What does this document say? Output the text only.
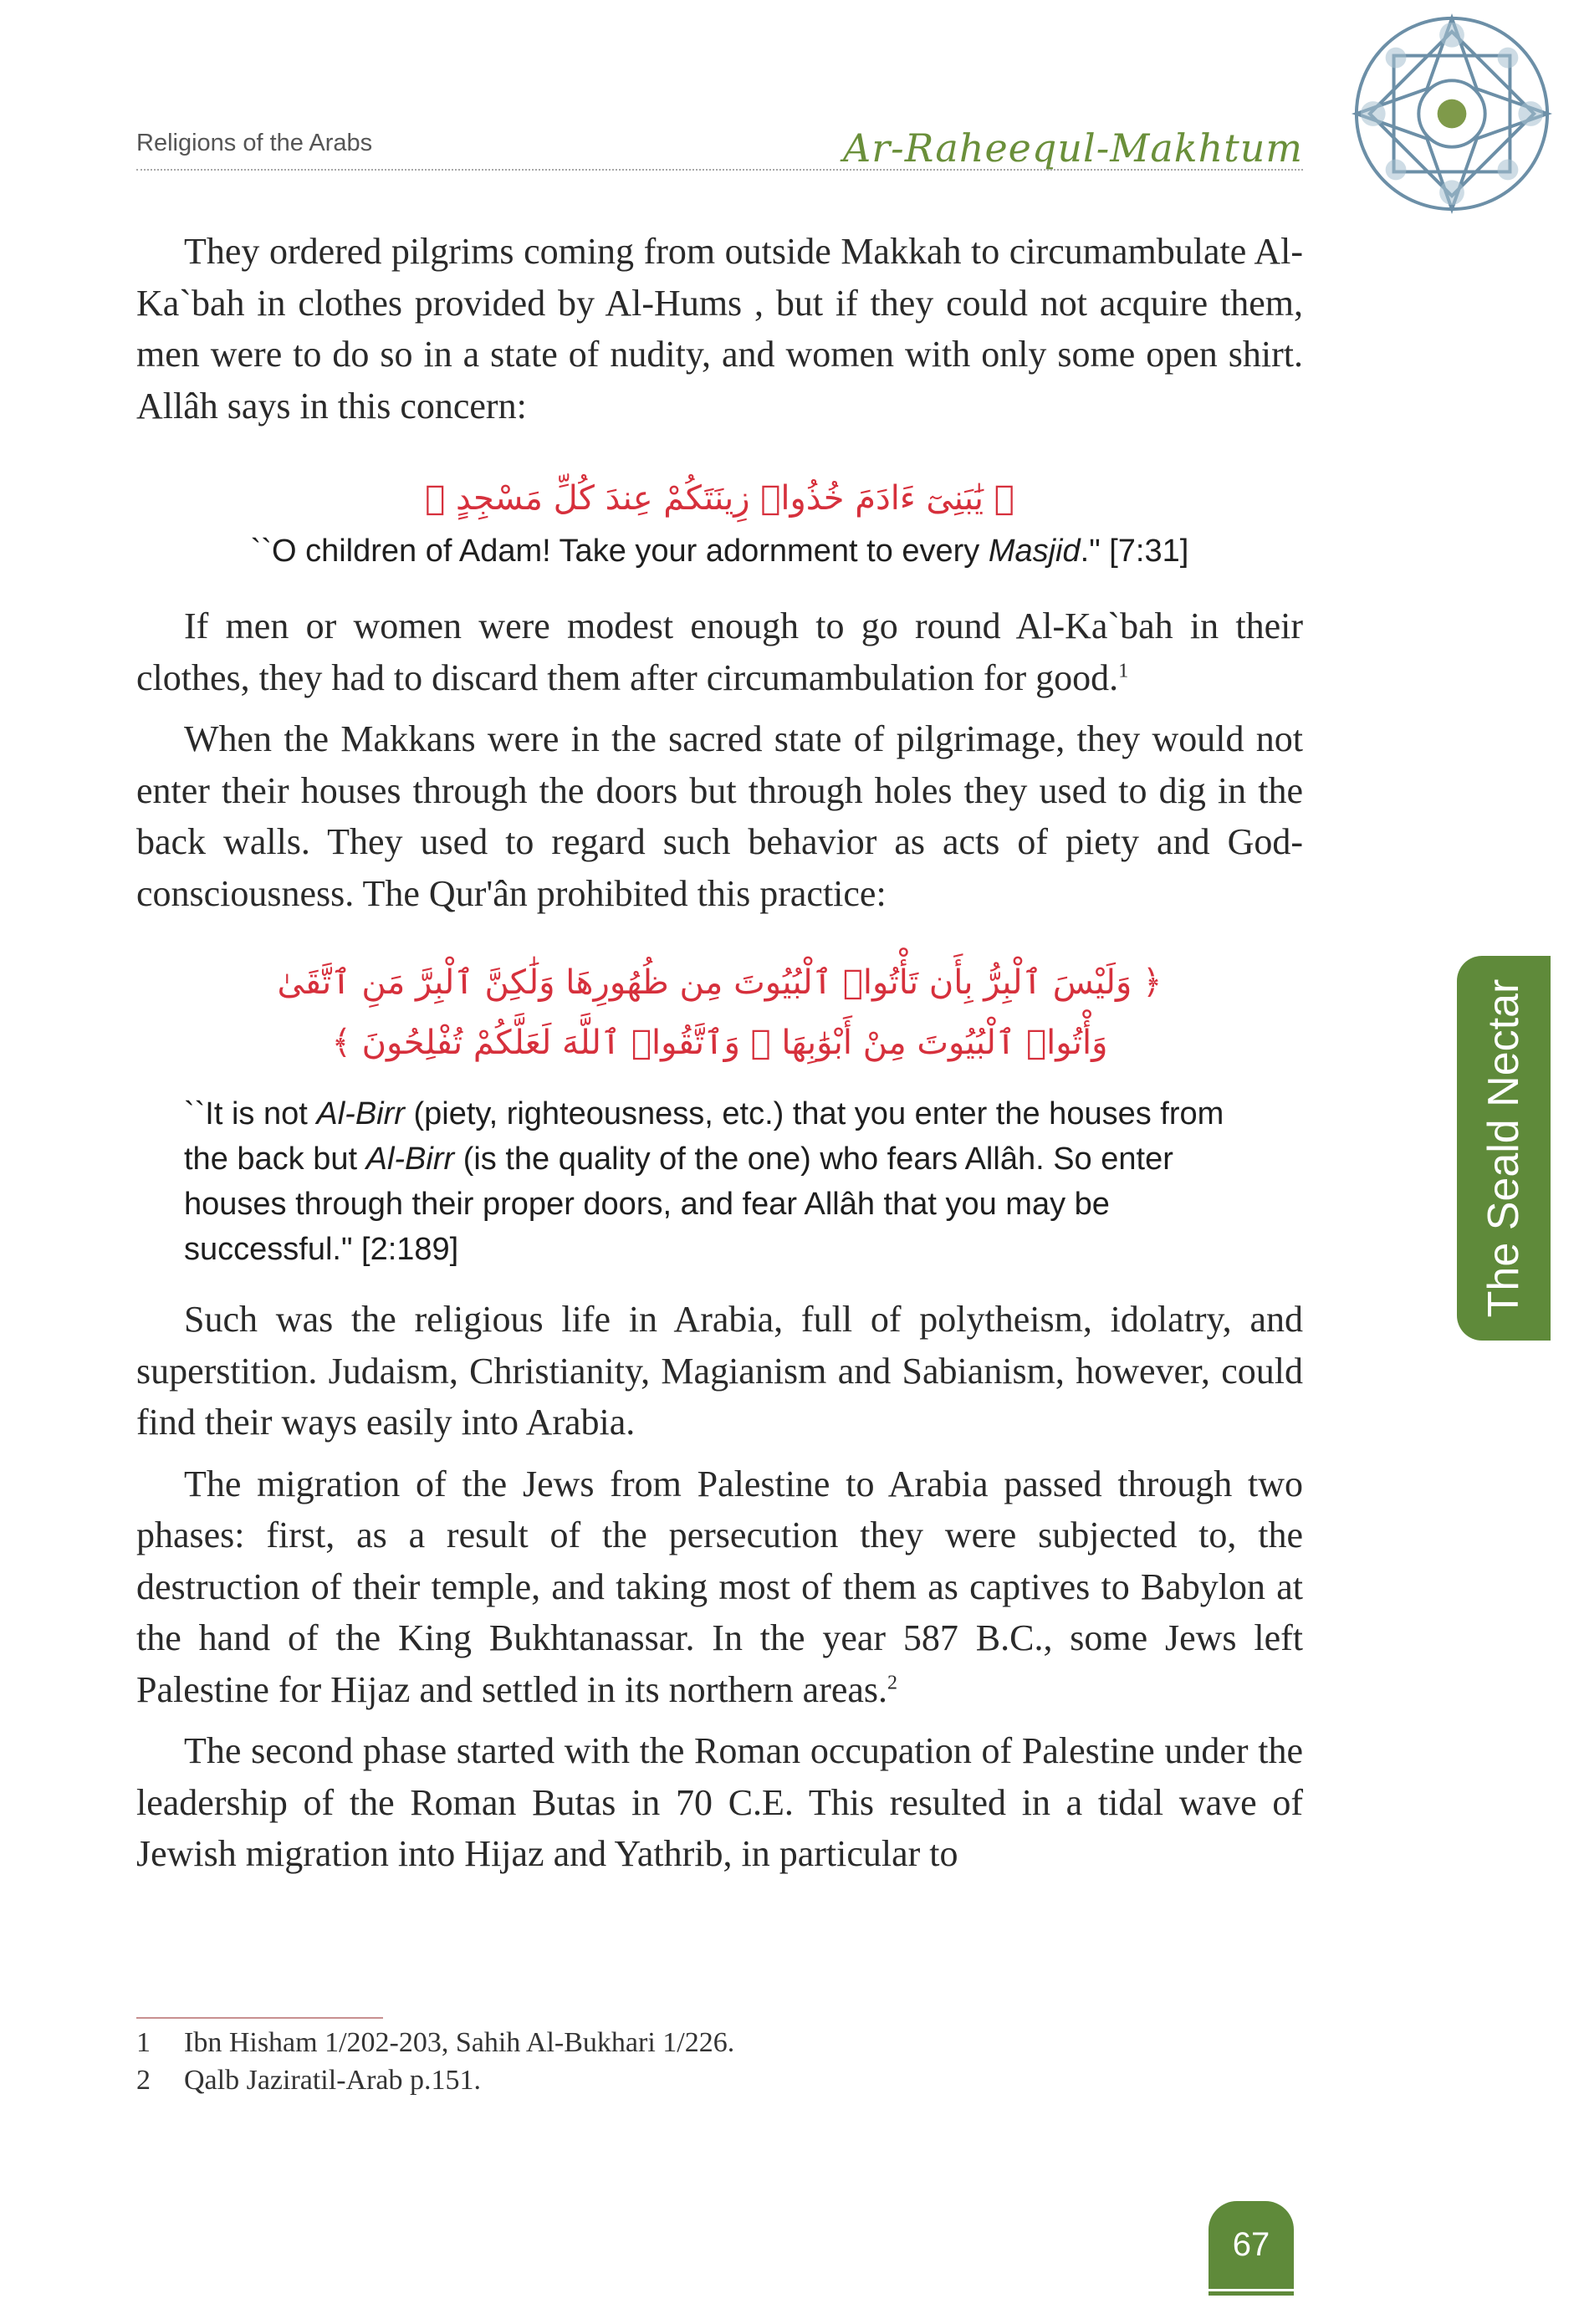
Religions of the Arabs	Ar-Raheequl-Makhtum
The Seald Nectar

They ordered pilgrims coming from outside Makkah to circumambulate Al-Ka`bah in clothes provided by Al-Hums , but if they could not acquire them, men were to do so in a state of nudity, and women with only some open shirt. Allâh says in this concern:

﴿ يَٰبَنِىٓ ءَادَمَ خُذُوا۟ زِينَتَكُمْ عِندَ كُلِّ مَسْجِدٍ ﴾

``O children of Adam! Take your adornment to every Masjid." [7:31]

If men or women were modest enough to go round Al-Ka`bah in their clothes, they had to discard them after circumambulation for good.$^1$

When the Makkans were in the sacred state of pilgrimage, they would not enter their houses through the doors but through holes they used to dig in the back walls. They used to regard such behavior as acts of piety and God-consciousness. The Qur'ân prohibited this practice:

﴿ وَلَيْسَ ٱلْبِرُّ بِأَن تَأْتُوا۟ ٱلْبُيُوتَ مِن ظُهُورِهَا وَلَٰكِنَّ ٱلْبِرَّ مَنِ ٱتَّقَىٰ

وَأْتُوا۟ ٱلْبُيُوتَ مِنْ أَبْوَٰبِهَا ۚ وَٱتَّقُوا۟ ٱللَّهَ لَعَلَّكُمْ تُفْلِحُونَ ﴾

``It is not Al-Birr (piety, righteousness, etc.) that you enter the houses from the back but Al-Birr (is the quality of the one) who fears Allâh. So enter houses through their proper doors, and fear Allâh that you may be successful." [2:189]

Such was the religious life in Arabia, full of polytheism, idolatry, and superstition. Judaism, Christianity, Magianism and Sabianism, however, could find their ways easily into Arabia.

The migration of the Jews from Palestine to Arabia passed through two phases: first, as a result of the persecution they were subjected to, the destruction of their temple, and taking most of them as captives to Babylon at the hand of the King Bukhtanassar. In the year 587 B.C., some Jews left Palestine for Hijaz and settled in its northern areas.$^2$

The second phase started with the Roman occupation of Palestine under the leadership of the Roman Butas in 70 C.E. This resulted in a tidal wave of Jewish migration into Hijaz and Yathrib, in particular to

1 Ibn Hisham 1/202-203, Sahih Al-Bukhari 1/226.
2 Qalb Jaziratil-Arab p.151.
67
